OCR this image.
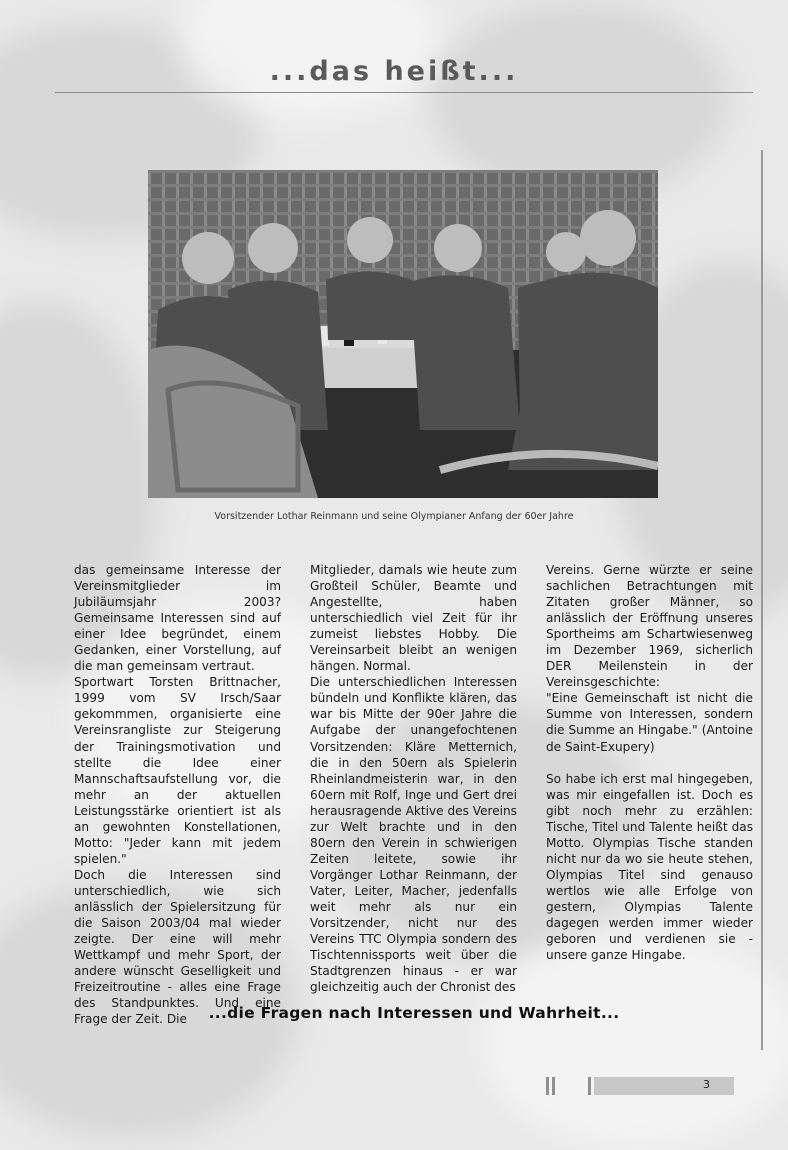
...das heißt...
Vorsitzender Lothar Reinmann und seine Olympianer Anfang der 60er Jahre

das gemeinsame Interesse der Vereinsmitglieder im Jubiläumsjahr 2003? Gemeinsame Interessen sind auf einer Idee begründet, einem Gedanken, einer Vorstellung, auf die man gemeinsam vertraut.

Sportwart Torsten Brittnacher, 1999 vom SV Irsch/Saar gekommmen, organisierte eine Vereinsrangliste zur Steigerung der Trainingsmotivation und stellte die Idee einer Mannschaftsaufstellung vor, die mehr an der aktuellen Leistungsstärke orientiert ist als an gewohnten Konstellationen, Motto: "Jeder kann mit jedem spielen."

Doch die Interessen sind unterschiedlich, wie sich anlässlich der Spielersitzung für die Saison 2003/04 mal wieder zeigte. Der eine will mehr Wettkampf und mehr Sport, der andere wünscht Geselligkeit und Freizeitroutine - alles eine Frage des Standpunktes. Und eine Frage der Zeit. Die

Mitglieder, damals wie heute zum Großteil Schüler, Beamte und Angestellte, haben unterschiedlich viel Zeit für ihr zumeist liebstes Hobby. Die Vereinsarbeit bleibt an wenigen hängen. Normal.

Die unterschiedlichen Interessen bündeln und Konflikte klären, das war bis Mitte der 90er Jahre die Aufgabe der unangefochtenen Vorsitzenden: Kläre Metternich, die in den 50ern als Spielerin Rheinlandmeisterin war, in den 60ern mit Rolf, Inge und Gert drei herausragende Aktive des Vereins zur Welt brachte und in den 80ern den Verein in schwierigen Zeiten leitete, sowie ihr Vorgänger Lothar Reinmann, der Vater, Leiter, Macher, jedenfalls weit mehr als nur ein Vorsitzender, nicht nur des Vereins TTC Olympia sondern des Tischtennissports weit über die Stadtgrenzen hinaus - er war gleichzeitig auch der Chronist des

Vereins. Gerne würzte er seine sachlichen Betrachtungen mit Zitaten großer Männer, so anlässlich der Eröffnung unseres Sportheims am Schartwiesenweg im Dezember 1969, sicherlich DER Meilenstein in der Vereinsgeschichte:

"Eine Gemeinschaft ist nicht die Summe von Interessen, sondern die Summe an Hingabe." (Antoine de Saint-Exupery)

So habe ich erst mal hingegeben, was mir eingefallen ist. Doch es gibt noch mehr zu erzählen: Tische, Titel und Talente heißt das Motto. Olympias Tische standen nicht nur da wo sie heute stehen, Olympias Titel sind genauso wertlos wie alle Erfolge von gestern, Olympias Talente dagegen werden immer wieder geboren und verdienen sie - unsere ganze Hingabe.

...die Fragen nach Interessen und Wahrheit...
3
